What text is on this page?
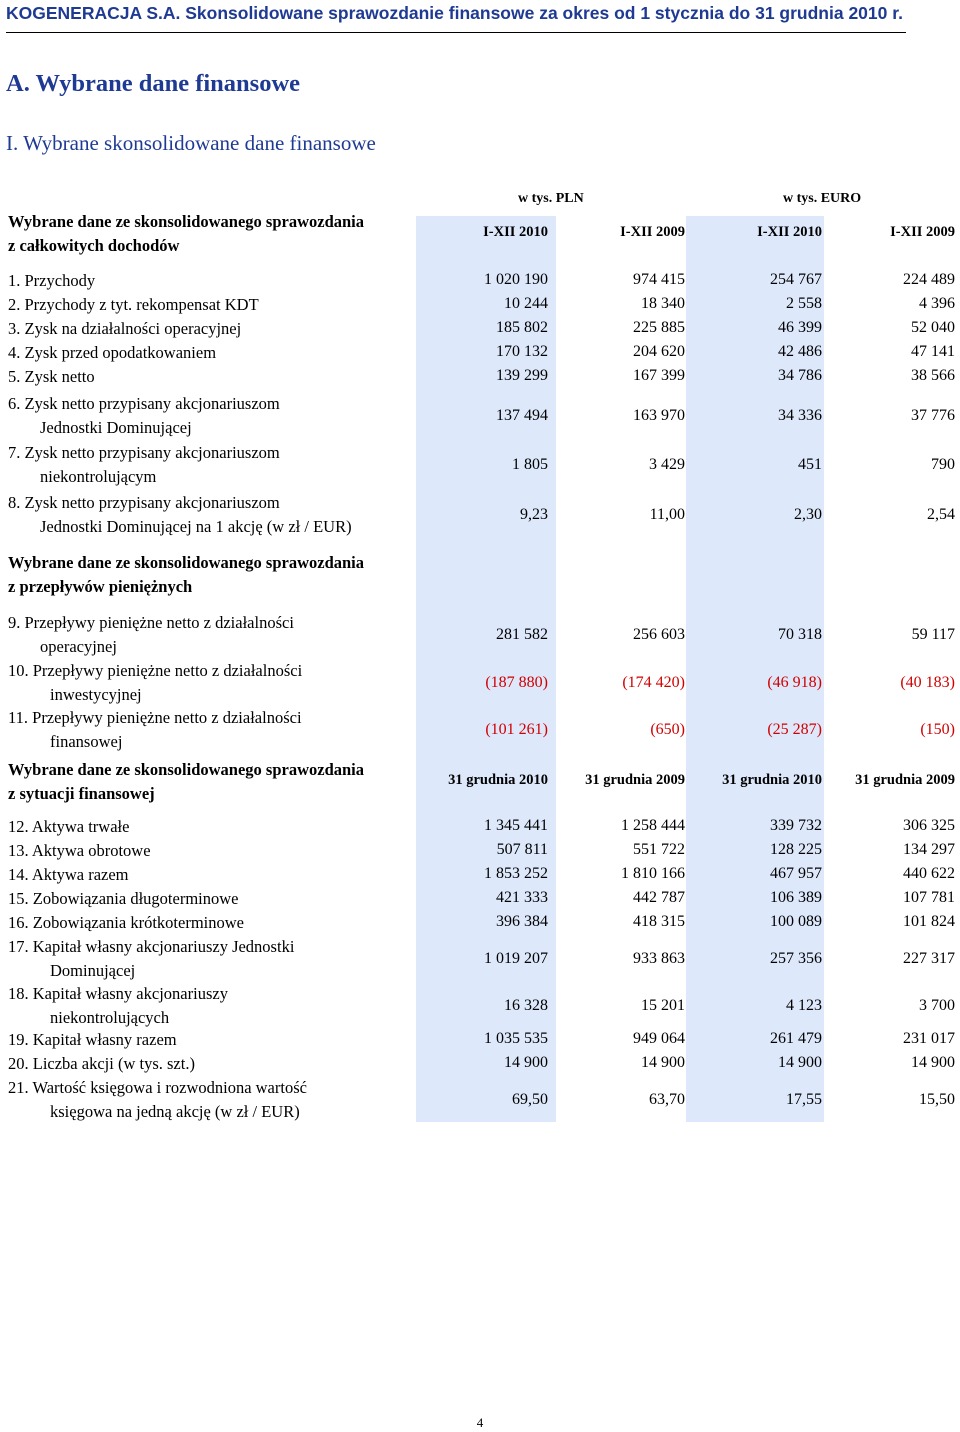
KOGENERACJA S.A. Skonsolidowane sprawozdanie finansowe za okres od 1 stycznia do 31 grudnia 2010 r.
A. Wybrane dane finansowe
I. Wybrane skonsolidowane dane finansowe
w tys. PLN	w tys. EURO
Wybrane dane ze skonsolidowanego sprawozdania
z całkowitych dochodów
I-XII 2010	I-XII 2009	I-XII 2010	I-XII 2009
1. Przychody	1 020 190	974 415	254 767	224 489
2. Przychody z tyt. rekompensat KDT	10 244	18 340	2 558	4 396
3. Zysk na działalności operacyjnej	185 802	225 885	46 399	52 040
4. Zysk przed opodatkowaniem	170 132	204 620	42 486	47 141
5. Zysk netto	139 299	167 399	34 786	38 566
6. Zysk netto przypisany akcjonariuszom
Jednostki Dominującej
137 494	163 970	34 336	37 776
7. Zysk netto przypisany akcjonariuszom
niekontrolującym
1 805	3 429	451	790
8. Zysk netto przypisany akcjonariuszom
Jednostki Dominującej na 1 akcję (w zł / EUR)
9,23	11,00	2,30	2,54
Wybrane dane ze skonsolidowanego sprawozdania
z przepływów pieniężnych
9. Przepływy pieniężne netto z działalności
operacyjnej
281 582	256 603	70 318	59 117
10. Przepływy pieniężne netto z działalności
inwestycyjnej
(187 880)	(174 420)	(46 918)	(40 183)
11. Przepływy pieniężne netto z działalności
finansowej
(101 261)	(650)	(25 287)	(150)
Wybrane dane ze skonsolidowanego sprawozdania
z sytuacji finansowej
31 grudnia 2010	31 grudnia 2009	31 grudnia 2010 31 grudnia 2009
12. Aktywa trwałe	1 345 441	1 258 444	339 732	306 325
13. Aktywa obrotowe	507 811	551 722	128 225	134 297
14. Aktywa razem	1 853 252	1 810 166	467 957	440 622
15. Zobowiązania długoterminowe	421 333	442 787	106 389	107 781
16. Zobowiązania krótkoterminowe	396 384	418 315	100 089	101 824
17. Kapitał własny akcjonariuszy Jednostki
Dominującej
1 019 207	933 863	257 356	227 317
18. Kapitał własny akcjonariuszy
niekontrolujących
16 328	15 201	4 123	3 700
19. Kapitał własny razem	1 035 535	949 064	261 479	231 017
20. Liczba akcji (w tys. szt.)	14 900	14 900	14 900	14 900
21. Wartość księgowa i rozwodniona wartość
księgowa na jedną akcję (w zł / EUR)
69,50	63,70	17,55	15,50
4
